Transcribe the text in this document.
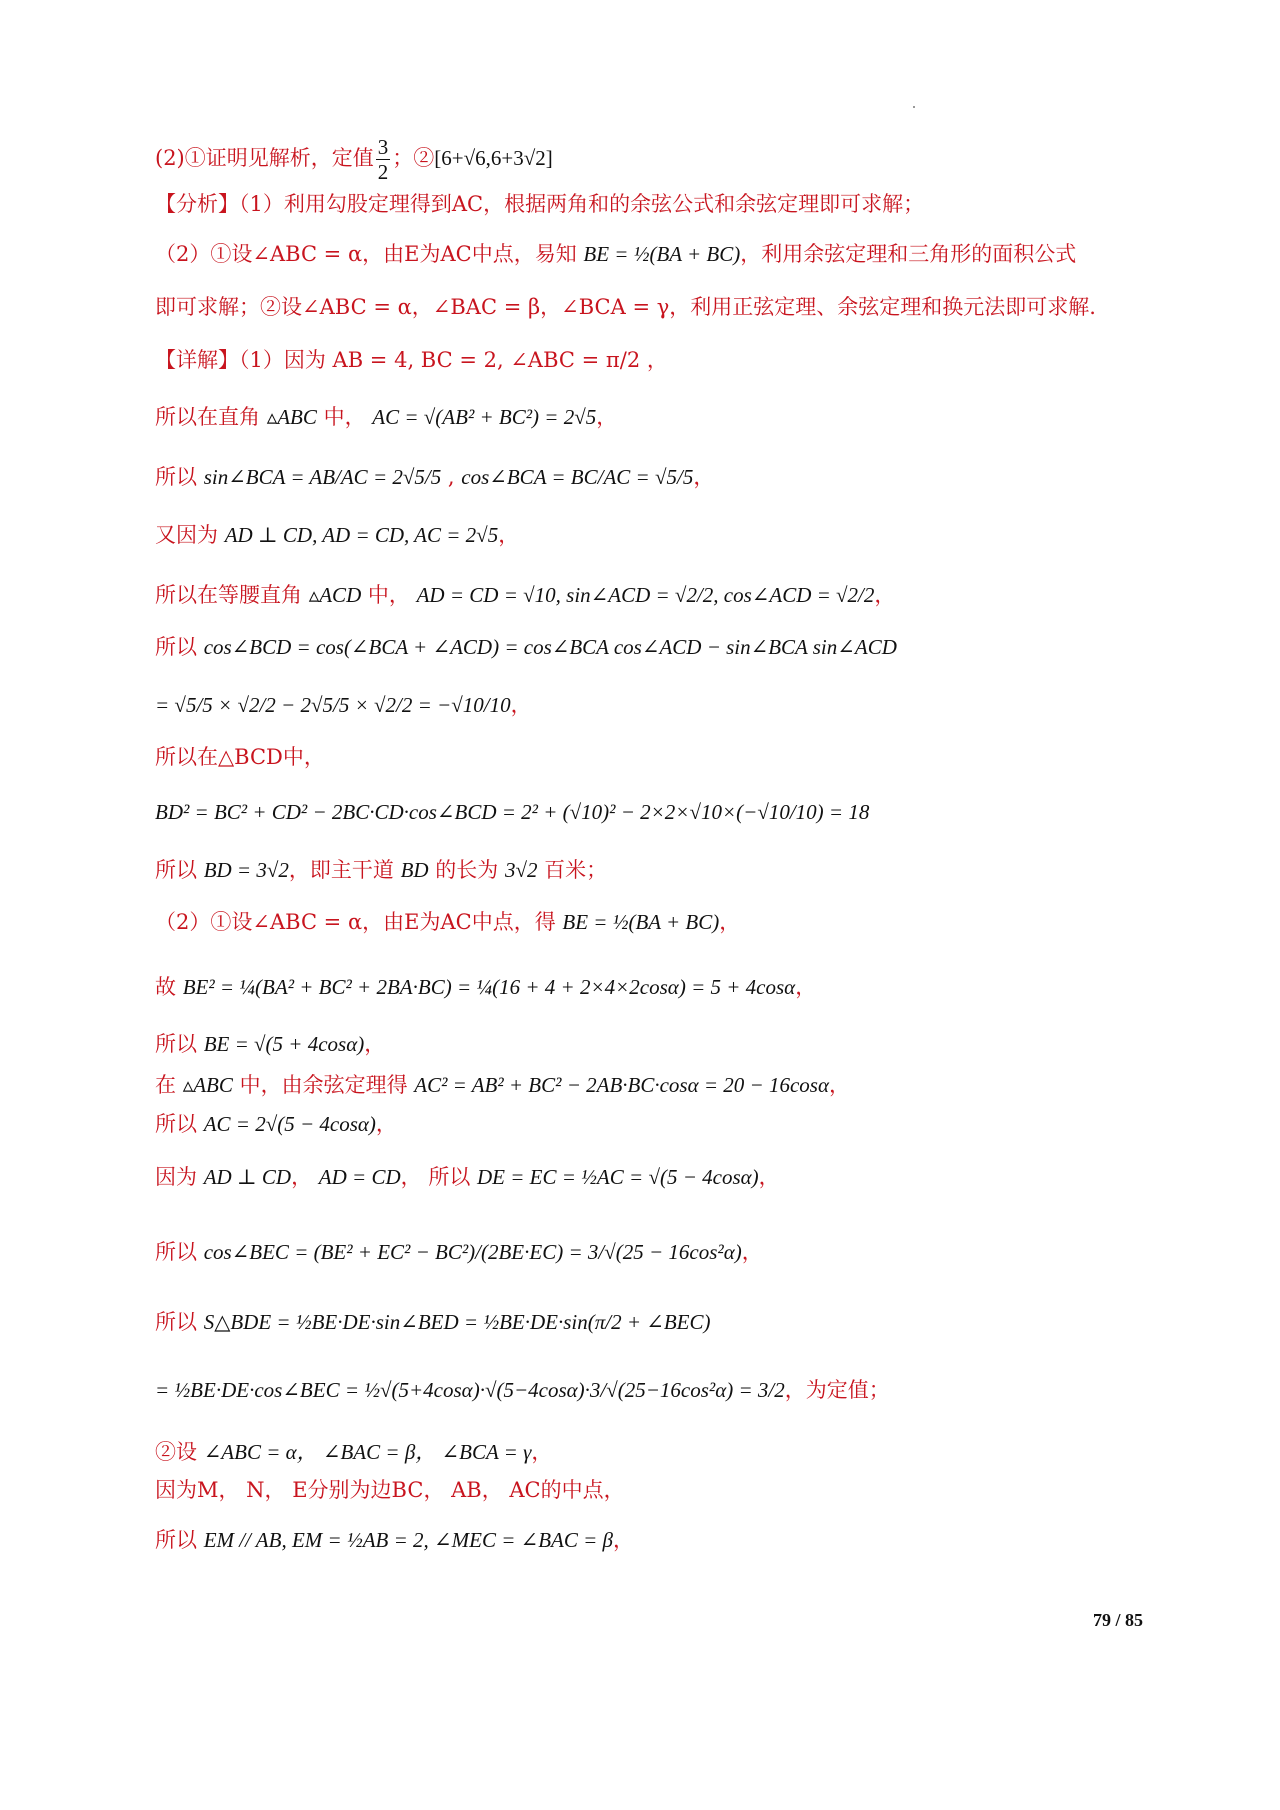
(2)①证明见解析，定值 $\frac{3}{2}$ ；②[6+√6,6+3√2]
【分析】（1）利用勾股定理得到AC，根据两角和的余弦公式和余弦定理即可求解；
（2）①设∠ABC = α，由E为AC中点，易知 BE = ½(BA + BC)，利用余弦定理和三角形的面积公式
即可求解；②设∠ABC = α，∠BAC = β，∠BCA = γ，利用正弦定理、余弦定理和换元法即可求解.
【详解】（1）因为 AB = 4, BC = 2, ∠ABC = π/2 ，
所以在直角 ▵ABC 中， AC = √(AB² + BC²) = 2√5，
所以 sin∠BCA = AB/AC = 2√5/5 , cos∠BCA = BC/AC = √5/5，
又因为 AD ⊥ CD, AD = CD, AC = 2√5，
所以在等腰直角 ▵ACD 中， AD = CD = √10, sin∠ACD = √2/2, cos∠ACD = √2/2，
所以 cos∠BCD = cos(∠BCA + ∠ACD) = cos∠BCA cos∠ACD − sin∠BCA sin∠ACD
= √5/5 × √2/2 − 2√5/5 × √2/2 = −√10/10，
所以在△BCD中，
BD² = BC² + CD² − 2BC·CD·cos∠BCD = 2² + (√10)² − 2×2×√10×(−√10/10) = 18
所以 BD = 3√2，即主干道 BD 的长为 3√2 百米；
（2）①设∠ABC = α，由E为AC中点，得 BE = ½(BA + BC)，
故 BE² = ¼(BA² + BC² + 2BA·BC) = ¼(16 + 4 + 2×4×2cosα) = 5 + 4cosα，
所以 BE = √(5 + 4cosα)，
在 ▵ABC 中，由余弦定理得 AC² = AB² + BC² − 2AB·BC·cosα = 20 − 16cosα，
所以 AC = 2√(5 − 4cosα)，
因为 AD ⊥ CD， AD = CD， 所以 DE = EC = ½AC = √(5 − 4cosα)，
所以 cos∠BEC = (BE² + EC² − BC²)/(2BE·EC) = 3/√(25 − 16cos²α)，
所以 S△BDE = ½BE·DE·sin∠BED = ½BE·DE·sin(π/2 + ∠BEC)
= ½BE·DE·cos∠BEC = ½√(5+4cosα)·√(5−4cosα)·3/√(25−16cos²α) = 3/2，为定值；
②设 ∠ABC = α， ∠BAC = β， ∠BCA = γ，
因为M， N， E分别为边BC， AB， AC的中点，
所以 EM // AB, EM = ½AB = 2, ∠MEC = ∠BAC = β，
79 / 85
